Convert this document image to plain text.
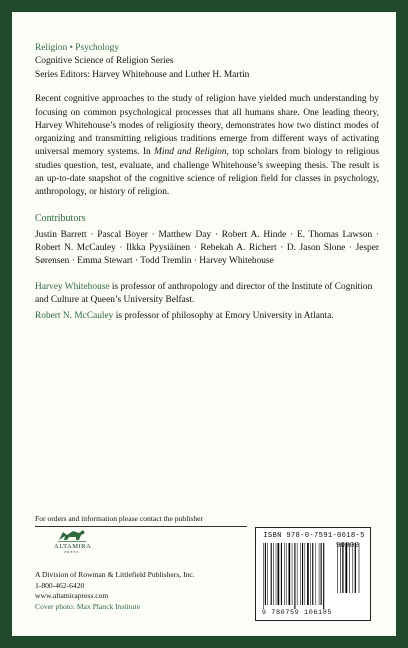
Religion • Psychology
Cognitive Science of Religion Series
Series Editors: Harvey Whitehouse and Luther H. Martin
Recent cognitive approaches to the study of religion have yielded much understanding by focusing on common psychological processes that all humans share. One leading theory, Harvey Whitehouse’s modes of religiosity theory, demonstrates how two distinct modes of organizing and transmitting religious traditions emerge from different ways of activating universal memory systems. In Mind and Religion, top scholars from biology to religious studies question, test, evaluate, and challenge Whitehouse’s sweeping thesis. The result is an up-to-date snapshot of the cognitive science of religion field for classes in psychology, anthropology, or history of religion.
Contributors
Justin Barrett · Pascal Boyer · Matthew Day · Robert A. Hinde · E. Thomas Lawson · Robert N. McCauley · Ilkka Pyysiäinen · Rebekah A. Richert · D. Jason Slone · Jesper Sørensen · Emma Stewart · Todd Tremlin · Harvey Whitehouse
Harvey Whitehouse is professor of anthropology and director of the Institute of Cognition and Culture at Queen’s University Belfast.
Robert N. McCauley is professor of philosophy at Emory University in Atlanta.
For orders and information please contact the publisher
ALTAMIRA
PRESS
A Division of Rowman & Littlefield Publishers, Inc.
1-800-462-6420
www.altamirapress.com
Cover photo: Max Planck Institute
ISBN 978-0-7591-0618-5
90000
9 780759 106185
